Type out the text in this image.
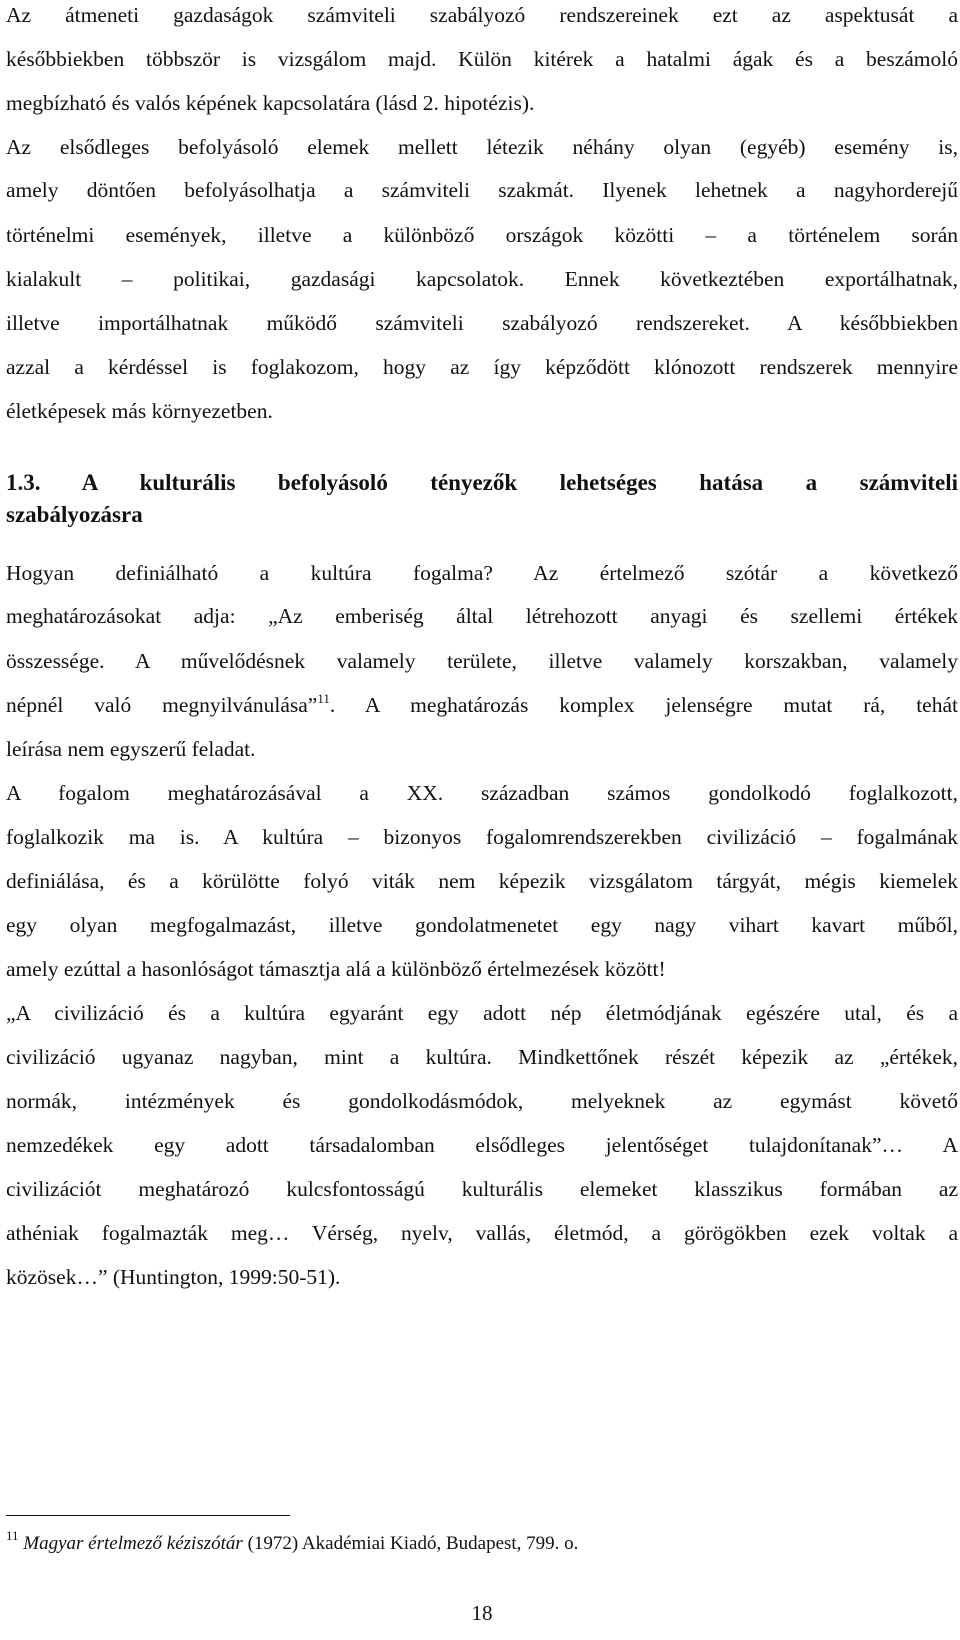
Az átmeneti gazdaságok számviteli szabályozó rendszereinek ezt az aspektusát a
későbbiekben többször is vizsgálom majd. Külön kitérek a hatalmi ágak és a beszámoló
megbízható és valós képének kapcsolatára (lásd 2. hipotézis).
Az elsődleges befolyásoló elemek mellett létezik néhány olyan (egyéb) esemény is,
amely döntően befolyásolhatja a számviteli szakmát. Ilyenek lehetnek a nagyhorderejű
történelmi események, illetve a különböző országok közötti – a történelem során
kialakult – politikai, gazdasági kapcsolatok. Ennek következtében exportálhatnak,
illetve importálhatnak működő számviteli szabályozó rendszereket. A későbbiekben
azzal a kérdéssel is foglakozom, hogy az így képződött klónozott rendszerek mennyire
életképesek más környezetben.
1.3. A kulturális befolyásoló tényezők lehetséges hatása a számviteli
szabályozásra
Hogyan definiálható a kultúra fogalma? Az értelmező szótár a következő
meghatározásokat adja: „Az emberiség által létrehozott anyagi és szellemi értékek
összessége. A művelődésnek valamely területe, illetve valamely korszakban, valamely
népnél való megnyilvánulása”$^{11}$. A meghatározás komplex jelenségre mutat rá, tehát
leírása nem egyszerű feladat.
A fogalom meghatározásával a XX. században számos gondolkodó foglalkozott,
foglalkozik ma is. A kultúra – bizonyos fogalomrendszerekben civilizáció – fogalmának
definiálása, és a körülötte folyó viták nem képezik vizsgálatom tárgyát, mégis kiemelek
egy olyan megfogalmazást, illetve gondolatmenetet egy nagy vihart kavart műből,
amely ezúttal a hasonlóságot támasztja alá a különböző értelmezések között!
„A civilizáció és a kultúra egyaránt egy adott nép életmódjának egészére utal, és a
civilizáció ugyanaz nagyban, mint a kultúra. Mindkettőnek részét képezik az „értékek,
normák, intézmények és gondolkodásmódok, melyeknek az egymást követő
nemzedékek egy adott társadalomban elsődleges jelentőséget tulajdonítanak”… A
civilizációt meghatározó kulcsfontosságú kulturális elemeket klasszikus formában az
athéniak fogalmazták meg… Vérség, nyelv, vallás, életmód, a görögökben ezek voltak a
közösek…” (Huntington, 1999:50-51).
$^{11}$ Magyar értelmező kéziszótár (1972) Akadémiai Kiadó, Budapest, 799. o.
18
